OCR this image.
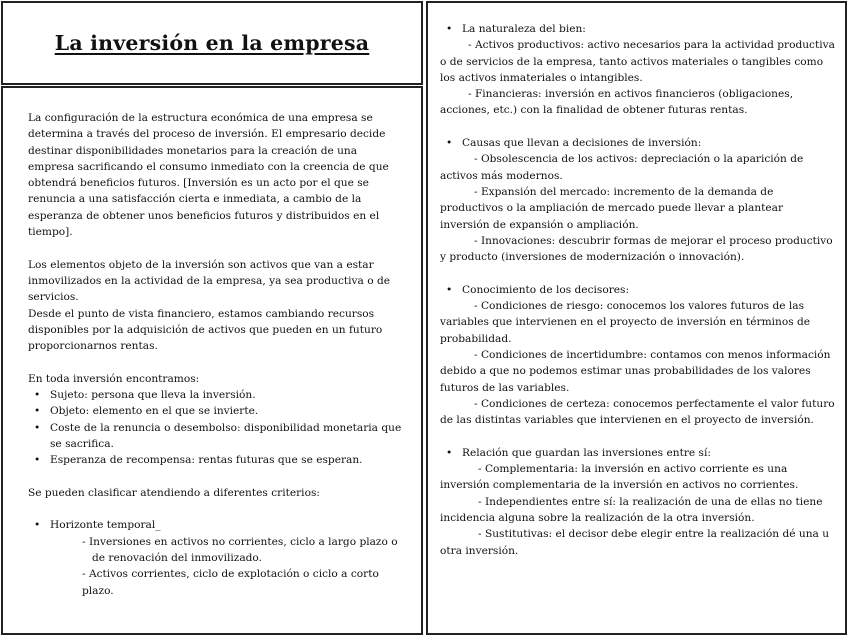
La inversión en la empresa

La configuración de la estructura económica de una empresa se determina a través del proceso de inversión. El empresario decide destinar disponibilidades monetarios para la creación de una empresa sacrificando el consumo inmediato con la creencia de que obtendrá beneficios futuros. [Inversión es un acto por el que se renuncia a una satisfacción cierta e inmediata, a cambio de la esperanza de obtener unos beneficios futuros y distribuidos en el tiempo].

Los elementos objeto de la inversión son activos que van a estar inmovilizados en la actividad de la empresa, ya sea productiva o de servicios.

Desde el punto de vista financiero, estamos cambiando recursos disponibles por la adquisición de activos que pueden en un futuro proporcionarnos rentas.

En toda inversión encontramos:

• Sujeto: persona que lleva la inversión.
• Objeto: elemento en el que se invierte.
• Coste de la renuncia o desembolso: disponibilidad monetaria que se sacrifica.
• Esperanza de recompensa: rentas futuras que se esperan.

Se pueden clasificar atendiendo a diferentes criterios:

• Horizonte temporal_
- Inversiones en activos no corrientes, ciclo a largo plazo o
de renovación del inmovilizado.
- Activos corrientes, ciclo de explotación o ciclo a corto plazo.
• La naturaleza del bien:

- Activos productivos: activo necesarios para la actividad productiva o de servicios de la empresa, tanto activos materiales o tangibles como los activos inmateriales o intangibles.

- Financieras: inversión en activos financieros (obligaciones, acciones, etc.) con la finalidad de obtener futuras rentas.

• Causas que llevan a decisiones de inversión:

- Obsolescencia de los activos: depreciación o la aparición de activos más modernos.

- Expansión del mercado: incremento de la demanda de productivos o la ampliación de mercado puede llevar a plantear inversión de expansión o ampliación.

- Innovaciones: descubrir formas de mejorar el proceso productivo y producto (inversiones de modernización o innovación).

• Conocimiento de los decisores:

- Condiciones de riesgo: conocemos los valores futuros de las variables que intervienen en el proyecto de inversión en términos de probabilidad.

- Condiciones de incertidumbre: contamos con menos información debido a que no podemos estimar unas probabilidades de los valores futuros de las variables.

- Condiciones de certeza: conocemos perfectamente el valor futuro de las distintas variables que intervienen en el proyecto de inversión.

• Relación que guardan las inversiones entre sí:

- Complementaria: la inversión en activo corriente es una inversión complementaria de la inversión en activos no corrientes.

- Independientes entre sí: la realización de una de ellas no tiene incidencia alguna sobre la realización de la otra inversión.

- Sustitutivas: el decisor debe elegir entre la realización dé una u otra inversión.
